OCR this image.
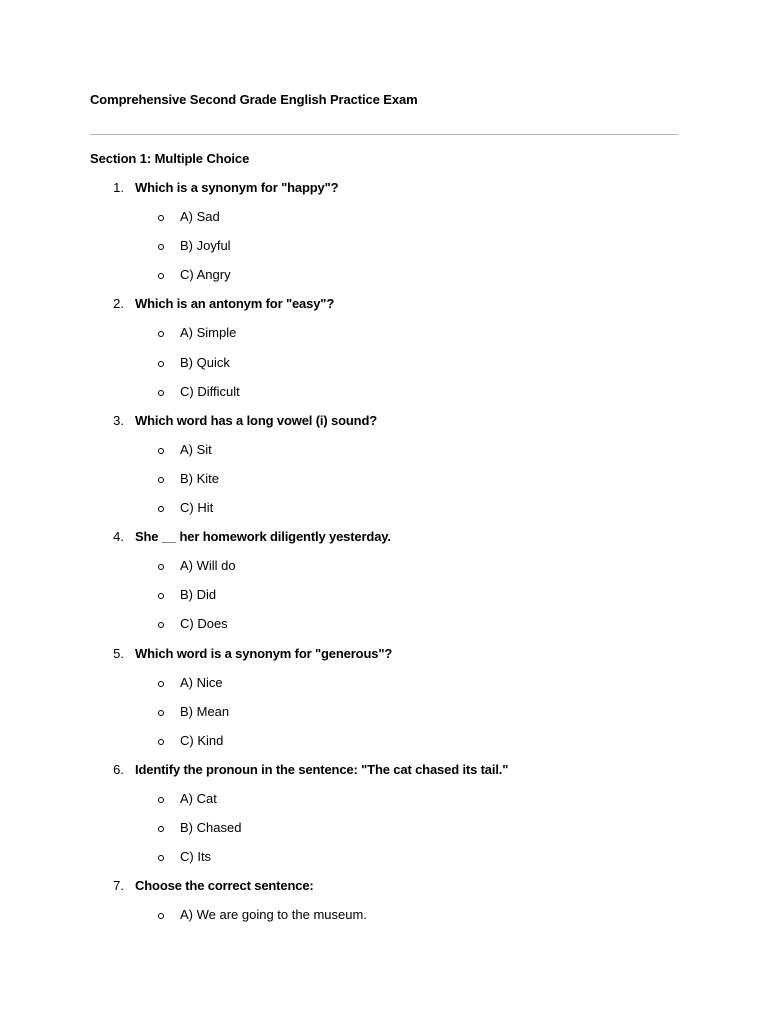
Comprehensive Second Grade English Practice Exam
Section 1: Multiple Choice
1. Which is a synonym for "happy"?
A) Sad
B) Joyful
C) Angry
2. Which is an antonym for "easy"?
A) Simple
B) Quick
C) Difficult
3. Which word has a long vowel (i) sound?
A) Sit
B) Kite
C) Hit
4. She __ her homework diligently yesterday.
A) Will do
B) Did
C) Does
5. Which word is a synonym for "generous"?
A) Nice
B) Mean
C) Kind
6. Identify the pronoun in the sentence: "The cat chased its tail."
A) Cat
B) Chased
C) Its
7. Choose the correct sentence:
A) We are going to the museum.
